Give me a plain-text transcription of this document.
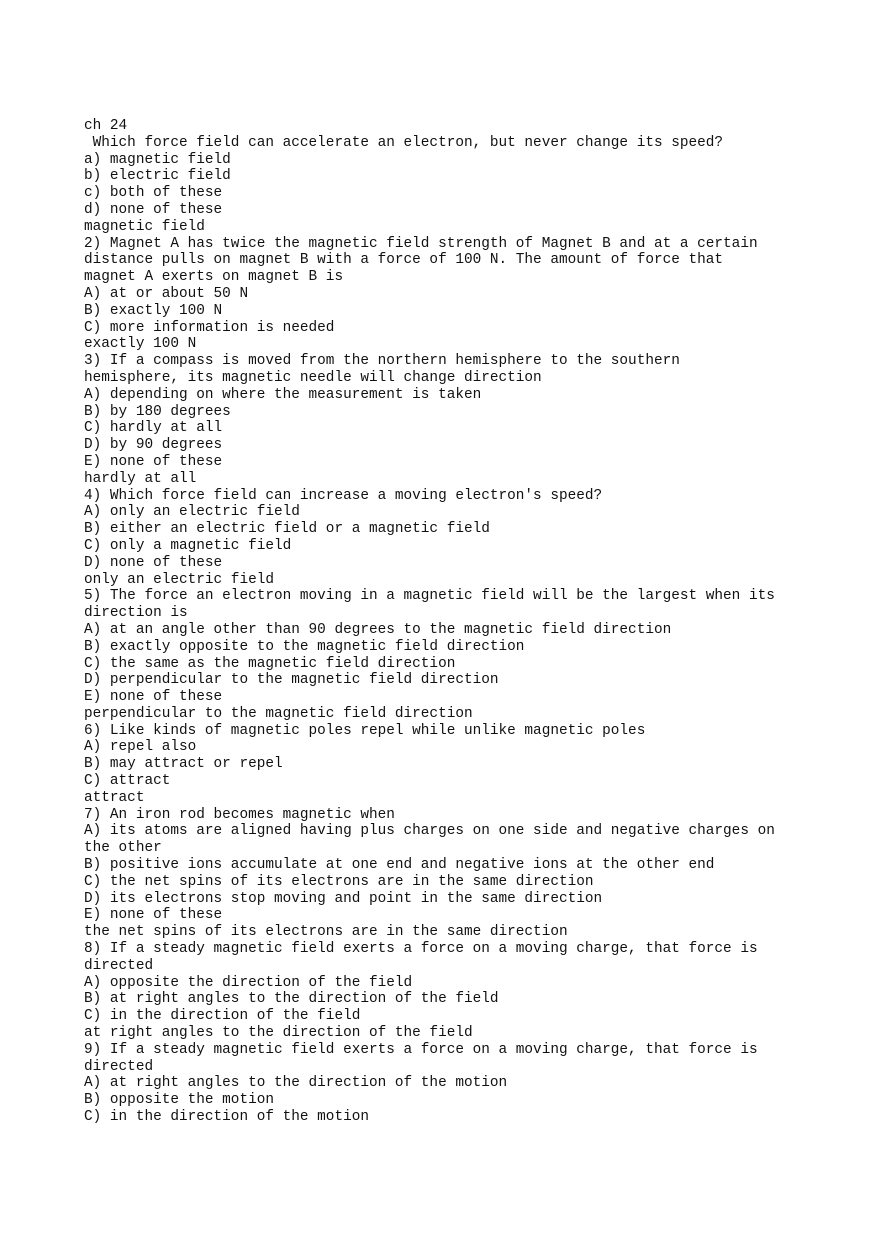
ch 24
Which force field can accelerate an electron, but never change its speed?
a) magnetic field
b) electric field
c) both of these
d) none of these
magnetic field
2) Magnet A has twice the magnetic field strength of Magnet B and at a certain
distance pulls on magnet B with a force of 100 N. The amount of force that
magnet A exerts on magnet B is
A) at or about 50 N
B) exactly 100 N
C) more information is needed
exactly 100 N
3) If a compass is moved from the northern hemisphere to the southern
hemisphere, its magnetic needle will change direction
A) depending on where the measurement is taken
B) by 180 degrees
C) hardly at all
D) by 90 degrees
E) none of these
hardly at all
4) Which force field can increase a moving electron's speed?
A) only an electric field
B) either an electric field or a magnetic field
C) only a magnetic field
D) none of these
only an electric field
5) The force an electron moving in a magnetic field will be the largest when its
direction is
A) at an angle other than 90 degrees to the magnetic field direction
B) exactly opposite to the magnetic field direction
C) the same as the magnetic field direction
D) perpendicular to the magnetic field direction
E) none of these
perpendicular to the magnetic field direction
6) Like kinds of magnetic poles repel while unlike magnetic poles
A) repel also
B) may attract or repel
C) attract
attract
7) An iron rod becomes magnetic when
A) its atoms are aligned having plus charges on one side and negative charges on
the other
B) positive ions accumulate at one end and negative ions at the other end
C) the net spins of its electrons are in the same direction
D) its electrons stop moving and point in the same direction
E) none of these
the net spins of its electrons are in the same direction
8) If a steady magnetic field exerts a force on a moving charge, that force is
directed
A) opposite the direction of the field
B) at right angles to the direction of the field
C) in the direction of the field
at right angles to the direction of the field
9) If a steady magnetic field exerts a force on a moving charge, that force is
directed
A) at right angles to the direction of the motion
B) opposite the motion
C) in the direction of the motion
